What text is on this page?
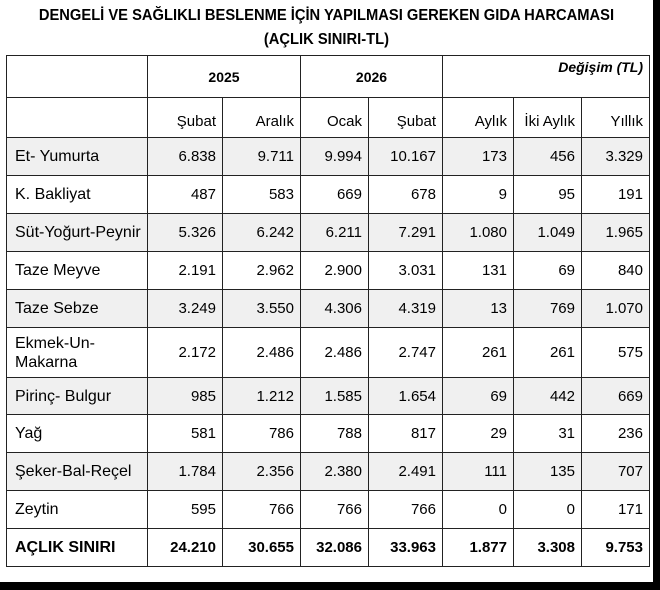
DENGELİ VE SAĞLIKLI BESLENME İÇİN YAPILMASI GEREKEN GIDA HARCAMASI
(AÇLIK SINIRI-TL)
	2025		2026		Değişim (TL)		
	Şubat	Aralık	Ocak	Şubat	Aylık	İki Aylık	Yıllık
Et- Yumurta	6.838	9.711	9.994	10.167	173	456	3.329
K. Bakliyat	487	583	669	678	9	95	191
Süt-Yoğurt-Peynir	5.326	6.242	6.211	7.291	1.080	1.049	1.965
Taze Meyve	2.191	2.962	2.900	3.031	131	69	840
Taze Sebze	3.249	3.550	4.306	4.319	13	769	1.070
Ekmek-Un-Makarna	2.172	2.486	2.486	2.747	261	261	575
Pirinç- Bulgur	985	1.212	1.585	1.654	69	442	669
Yağ	581	786	788	817	29	31	236
Şeker-Bal-Reçel	1.784	2.356	2.380	2.491	111	135	707
Zeytin	595	766	766	766	0	0	171
AÇLIK SINIRI	24.210	30.655	32.086	33.963	1.877	3.308	9.753
